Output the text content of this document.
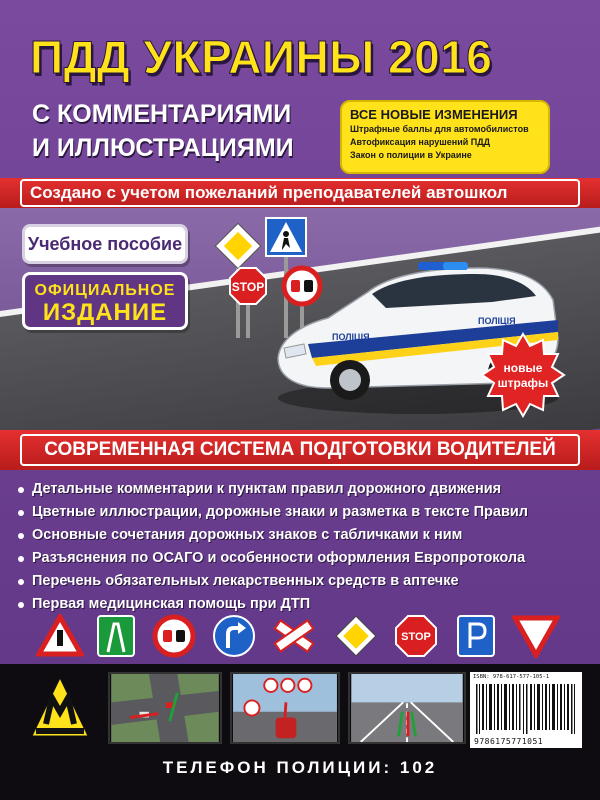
ПДД УКРАИНЫ 2016
С КОММЕНТАРИЯМИ
И ИЛЛЮСТРАЦИЯМИ
ВСЕ НОВЫЕ ИЗМЕНЕНИЯ
Штрафные баллы для автомобилистов
Автофиксация нарушений ПДД
Закон о полиции в Украине
Создано с учетом пожеланий преподавателей автошкол
Учебное пособие
ОФИЦИАЛЬНОЕ
ИЗДАНИЕ
STOP
ПОЛІЦІЯ
ПОЛІЦІЯ
новые
штрафы
СОВРЕМЕННАЯ СИСТЕМА ПОДГОТОВКИ ВОДИТЕЛЕЙ
Детальные комментарии к пунктам правил дорожного движения
Цветные иллюстрации, дорожные знаки и разметка в тексте Правил
Основные сочетания дорожных знаков с табличками к ним
Разъяснения по ОСАГО и особенности оформления Европротокола
Перечень обязательных лекарственных средств в аптечке
Первая медицинская помощь при ДТП
STOP
ISBN: 978-617-577-105-1
9786175771051
ТЕЛЕФОН ПОЛИЦИИ: 102
